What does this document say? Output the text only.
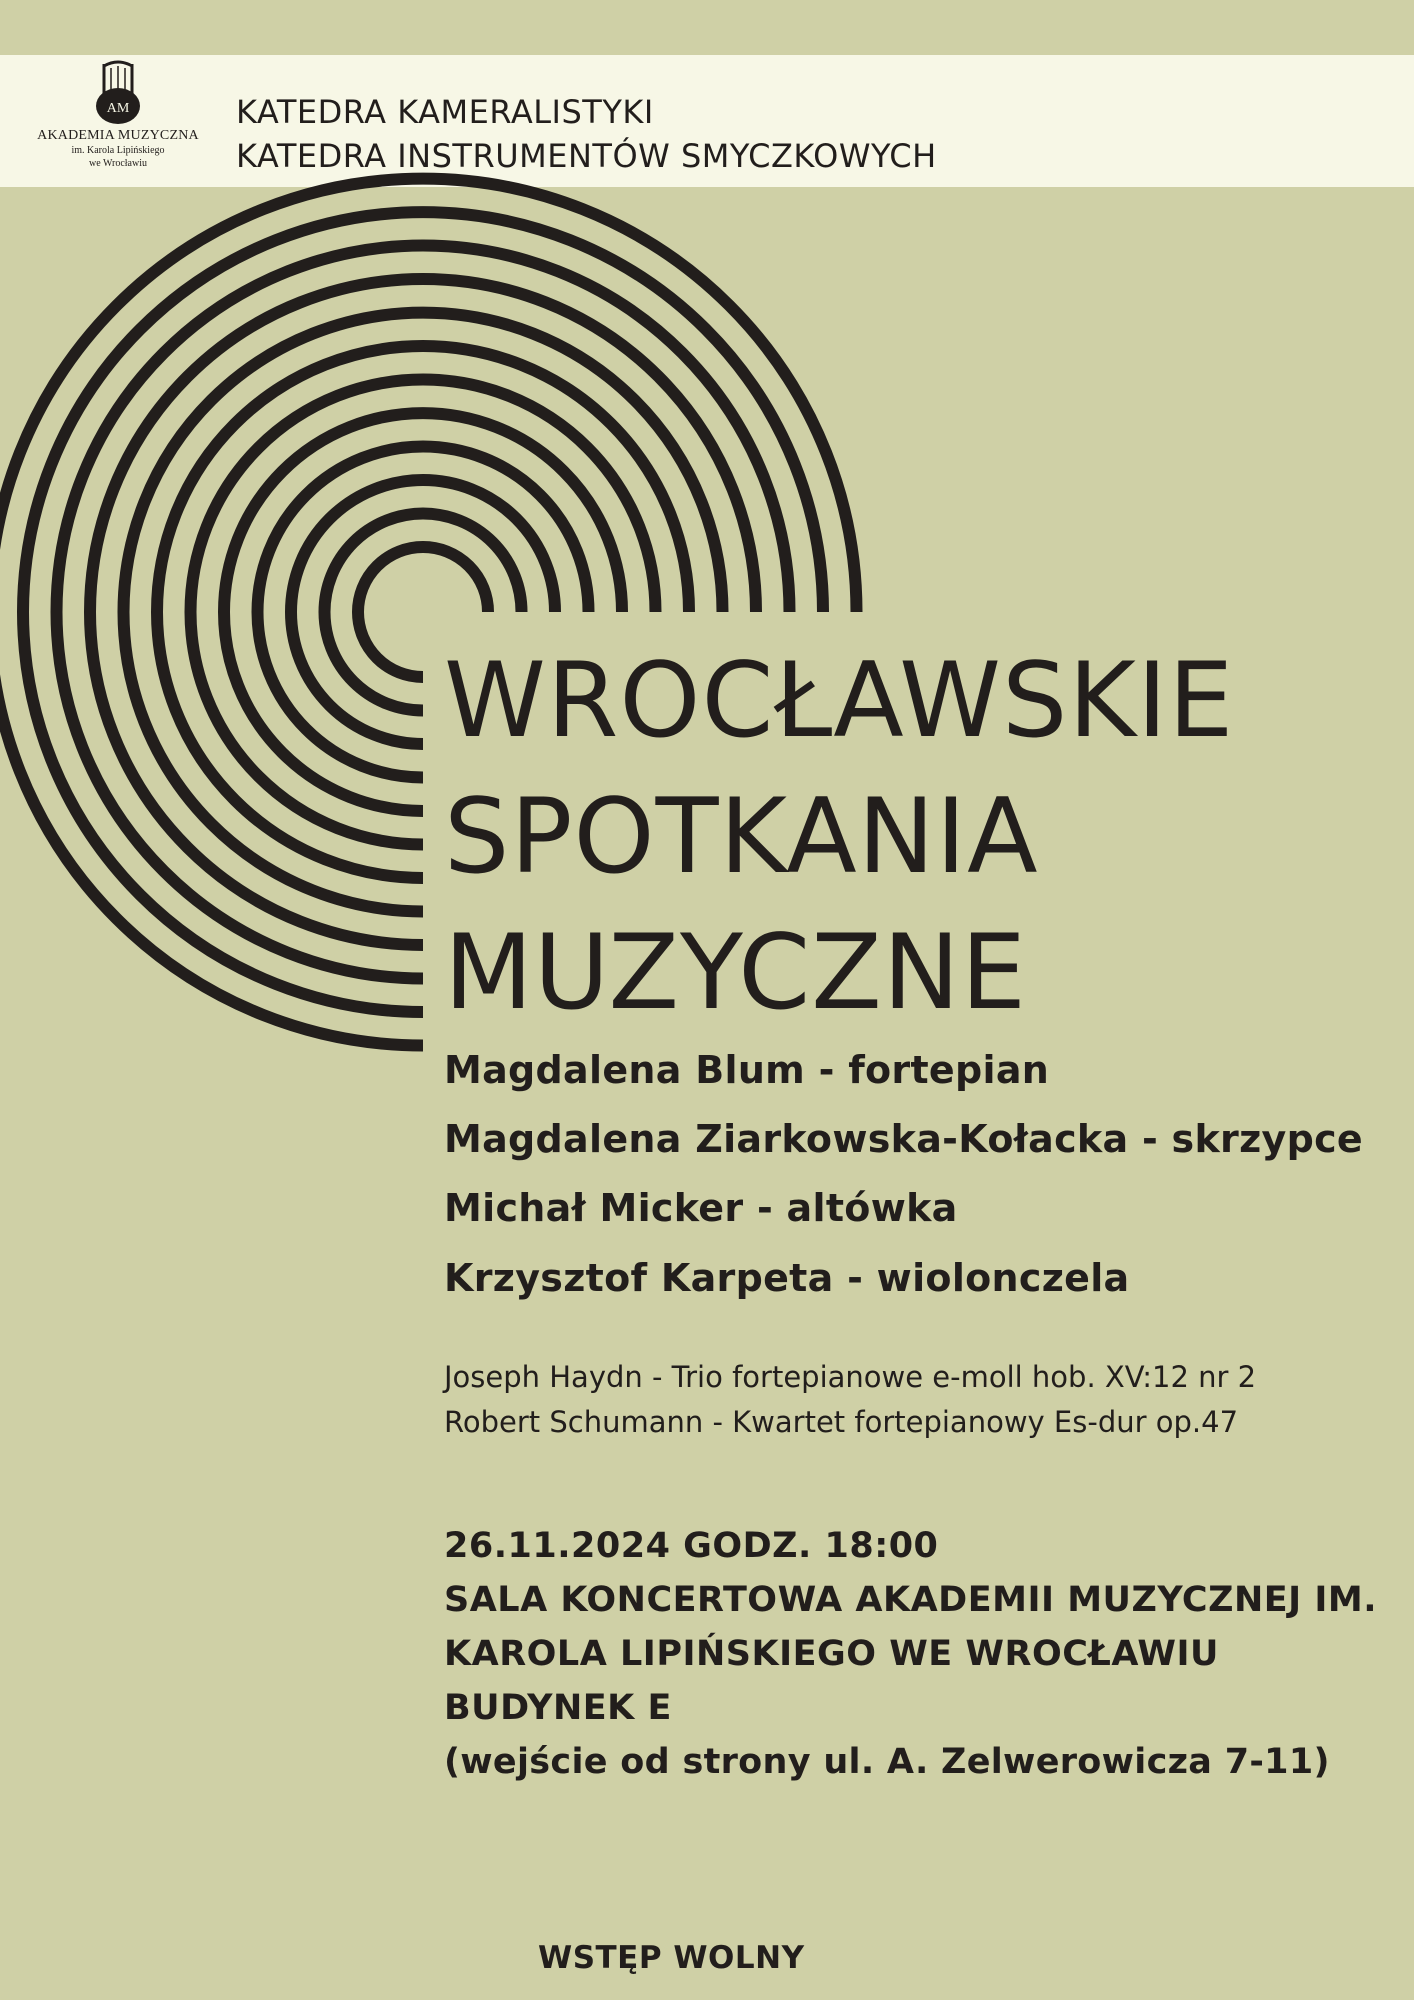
AM
AKADEMIA MUZYCZNA
im. Karola Lipińskiego
we Wrocławiu
KATEDRA KAMERALISTYKI
KATEDRA INSTRUMENTÓW SMYCZKOWYCH
WROCŁAWSKIE
SPOTKANIA
MUZYCZNE
Magdalena Blum - fortepian
Magdalena Ziarkowska-Kołacka - skrzypce
Michał Micker - altówka
Krzysztof Karpeta - wiolonczela
Joseph Haydn - Trio fortepianowe e-moll hob. XV:12 nr 2
Robert Schumann - Kwartet fortepianowy Es-dur op.47
26.11.2024 GODZ. 18:00
SALA KONCERTOWA AKADEMII MUZYCZNEJ IM.
KAROLA LIPIŃSKIEGO WE WROCŁAWIU
BUDYNEK E
(wejście od strony ul. A. Zelwerowicza 7-11)
WSTĘP WOLNY
